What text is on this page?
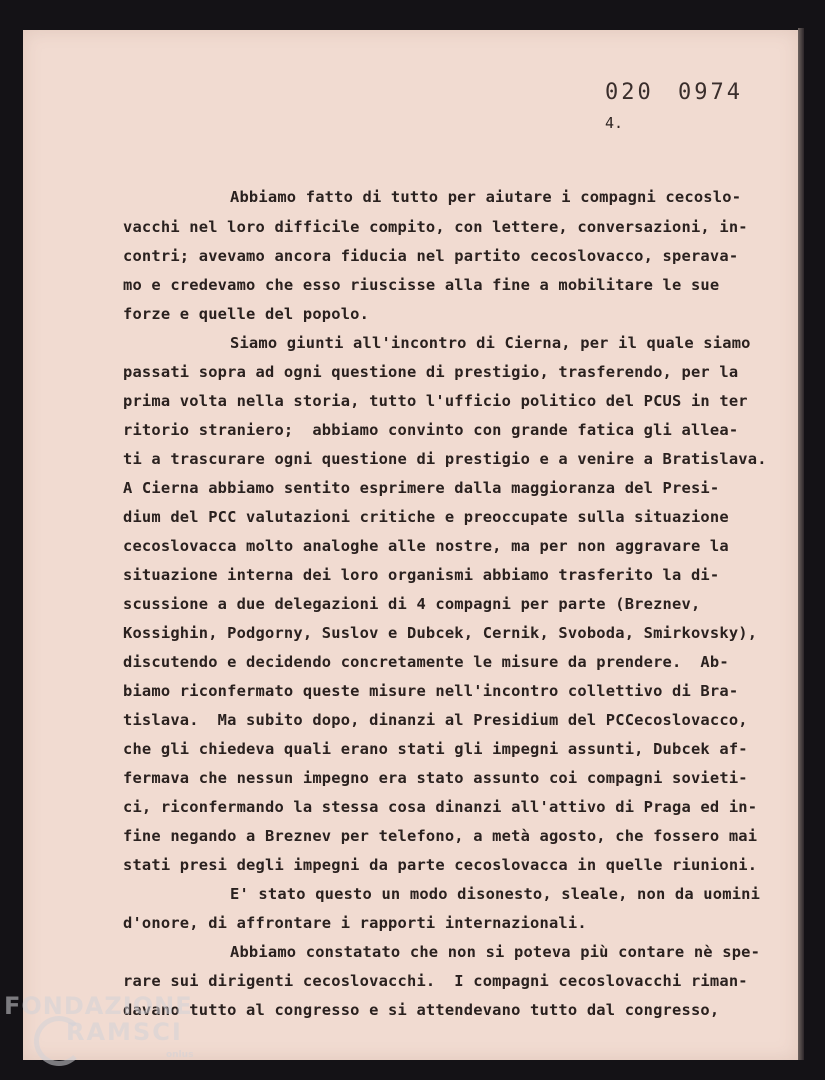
020 0974
4.
Abbiamo fatto di tutto per aiutare i compagni cecoslo-
vacchi nel loro difficile compito, con lettere, conversazioni, in-
contri; avevamo ancora fiducia nel partito cecoslovacco, sperava-
mo e credevamo che esso riuscisse alla fine a mobilitare le sue
forze e quelle del popolo.
Siamo giunti all'incontro di Cierna, per il quale siamo
passati sopra ad ogni questione di prestigio, trasferendo, per la
prima volta nella storia, tutto l'ufficio politico del PCUS in ter
ritorio straniero;  abbiamo convinto con grande fatica gli allea-
ti a trascurare ogni questione di prestigio e a venire a Bratislava.
A Cierna abbiamo sentito esprimere dalla maggioranza del Presi-
dium del PCC valutazioni critiche e preoccupate sulla situazione
cecoslovacca molto analoghe alle nostre, ma per non aggravare la
situazione interna dei loro organismi abbiamo trasferito la di-
scussione a due delegazioni di 4 compagni per parte (Breznev,
Kossighin, Podgorny, Suslov e Dubcek, Cernik, Svoboda, Smirkovsky),
discutendo e decidendo concretamente le misure da prendere.  Ab-
biamo riconfermato queste misure nell'incontro collettivo di Bra-
tislava.  Ma subito dopo, dinanzi al Presidium del PCCecoslovacco,
che gli chiedeva quali erano stati gli impegni assunti, Dubcek af-
fermava che nessun impegno era stato assunto coi compagni sovieti-
ci, riconfermando la stessa cosa dinanzi all'attivo di Praga ed in-
fine negando a Breznev per telefono, a metà agosto, che fossero mai
stati presi degli impegni da parte cecoslovacca in quelle riunioni.
E' stato questo un modo disonesto, sleale, non da uomini
d'onore, di affrontare i rapporti internazionali.
Abbiamo constatato che non si poteva più contare nè spe-
rare sui dirigenti cecoslovacchi.  I compagni cecoslovacchi riman-
davano tutto al congresso e si attendevano tutto dal congresso,
FONDAZIONE
RAMSCI
onlus
